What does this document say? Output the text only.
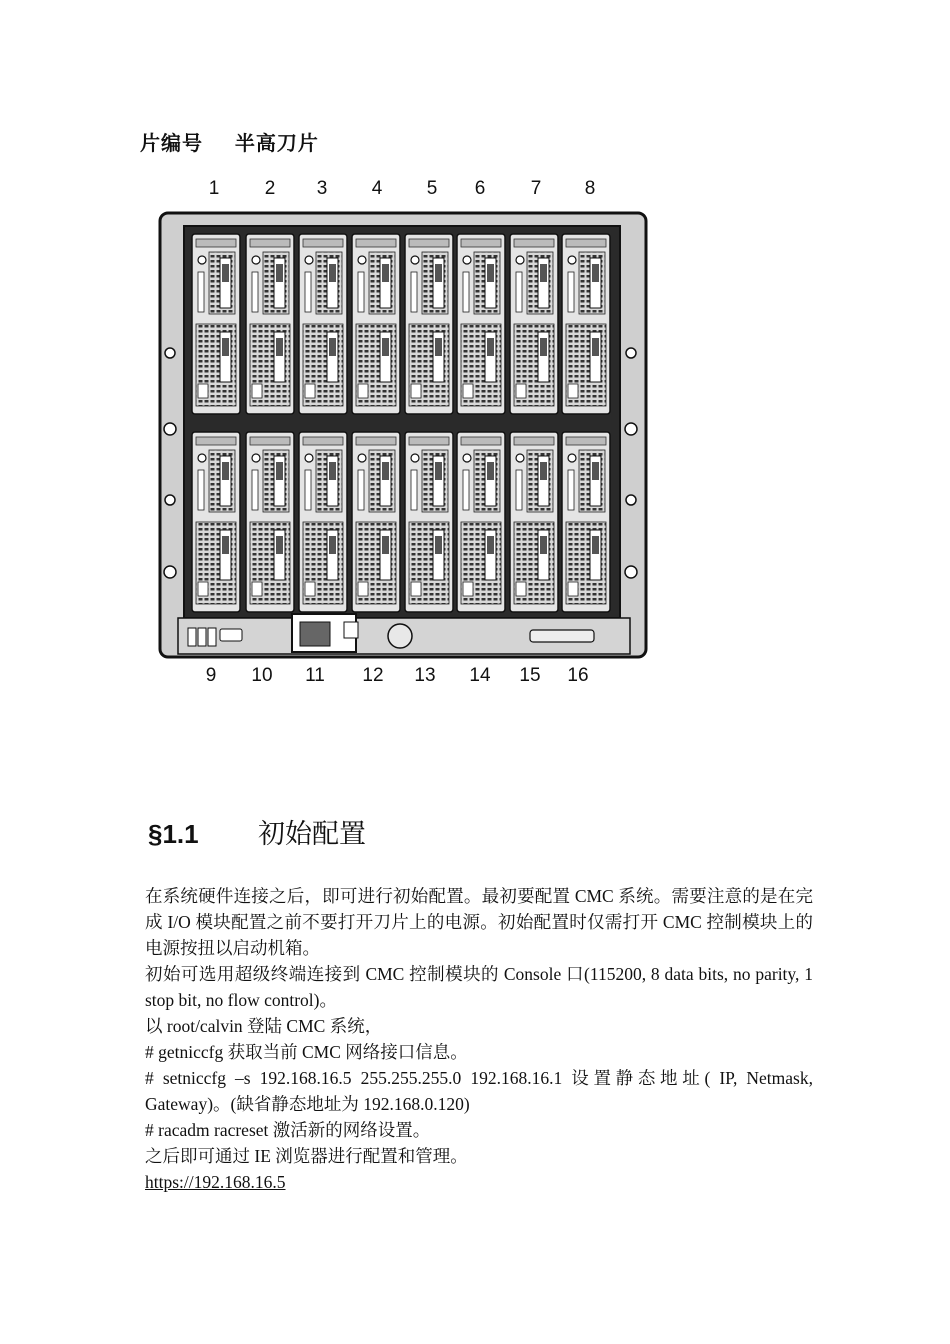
片编号    半高刀片
1	2	3	4	5	6	7	8
9	10	11	12	13	14	15	16
§1.1	初始配置

在系统硬件连接之后，即可进行初始配置。最初要配置 CMC 系统。需要注意的是在完成 I/O 模块配置之前不要打开刀片上的电源。初始配置时仅需打开 CMC 控制模块上的电源按扭以启动机箱。

初始可选用超级终端连接到 CMC 控制模块的 Console 口(115200, 8 data bits, no parity, 1 stop bit, no flow control)。

以 root/calvin 登陆 CMC 系统，

# getniccfg 获取当前 CMC 网络接口信息。

# setniccfg –s 192.168.16.5 255.255.255.0 192.168.16.1 设置静态地址( IP, Netmask, Gateway)。(缺省静态地址为 192.168.0.120)

# racadm racreset 激活新的网络设置。

之后即可通过 IE 浏览器进行配置和管理。

https://192.168.16.5
